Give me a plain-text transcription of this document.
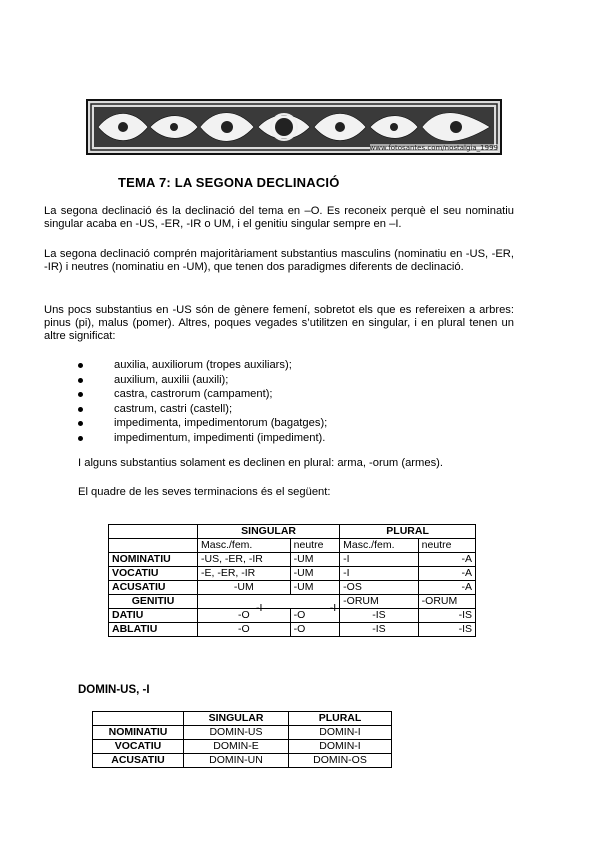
www.fotosantes.com/nostalgia_1999
TEMA 7: LA SEGONA DECLINACIÓ

La segona declinació és la declinació del tema en –O. Es reconeix perquè el seu nominatiu singular acaba en -US, -ER, -IR o UM, i el genitiu singular sempre en –I.

La segona declinació comprén majoritàriament substantius masculins (nominatiu en -US, -ER, -IR) i neutres (nominatiu en -UM), que tenen dos paradigmes diferents de declinació.

Uns pocs substantius en -US són de gènere femení, sobretot els que es refereixen a arbres: pinus (pi), malus (pomer). Altres, poques vegades s’utilitzen en singular, i en plural tenen un altre significat:

auxilia, auxiliorum (tropes auxiliars);
auxilium, auxilii (auxili);
castra, castrorum (campament);
castrum, castri (castell);
impedimenta, impedimentorum (bagatges);
impedimentum, impedimenti (impediment).

I alguns substantius solament es declinen en plural: arma, -orum (armes).

El quadre de les seves terminacions és el següent:

	SINGULAR		PLURAL	
	Masc./fem.	neutre	Masc./fem.	neutre
NOMINATIU	-US, -ER, -IR	-UM	-I	-A
VOCATIU	-E, -ER, -IR	-UM	-I	-A
ACUSATIU	-UM	-UM	-OS	-A
GENITIU	-I -I		-ORUM	-ORUM
DATIU	-O	-O	-IS	-IS
ABLATIU	-O	-O	-IS	-IS
DOMIN-US, -I
	SINGULAR	PLURAL
NOMINATIU	DOMIN-US	DOMIN-I
VOCATIU	DOMIN-E	DOMIN-I
ACUSATIU	DOMIN-UN	DOMIN-OS
